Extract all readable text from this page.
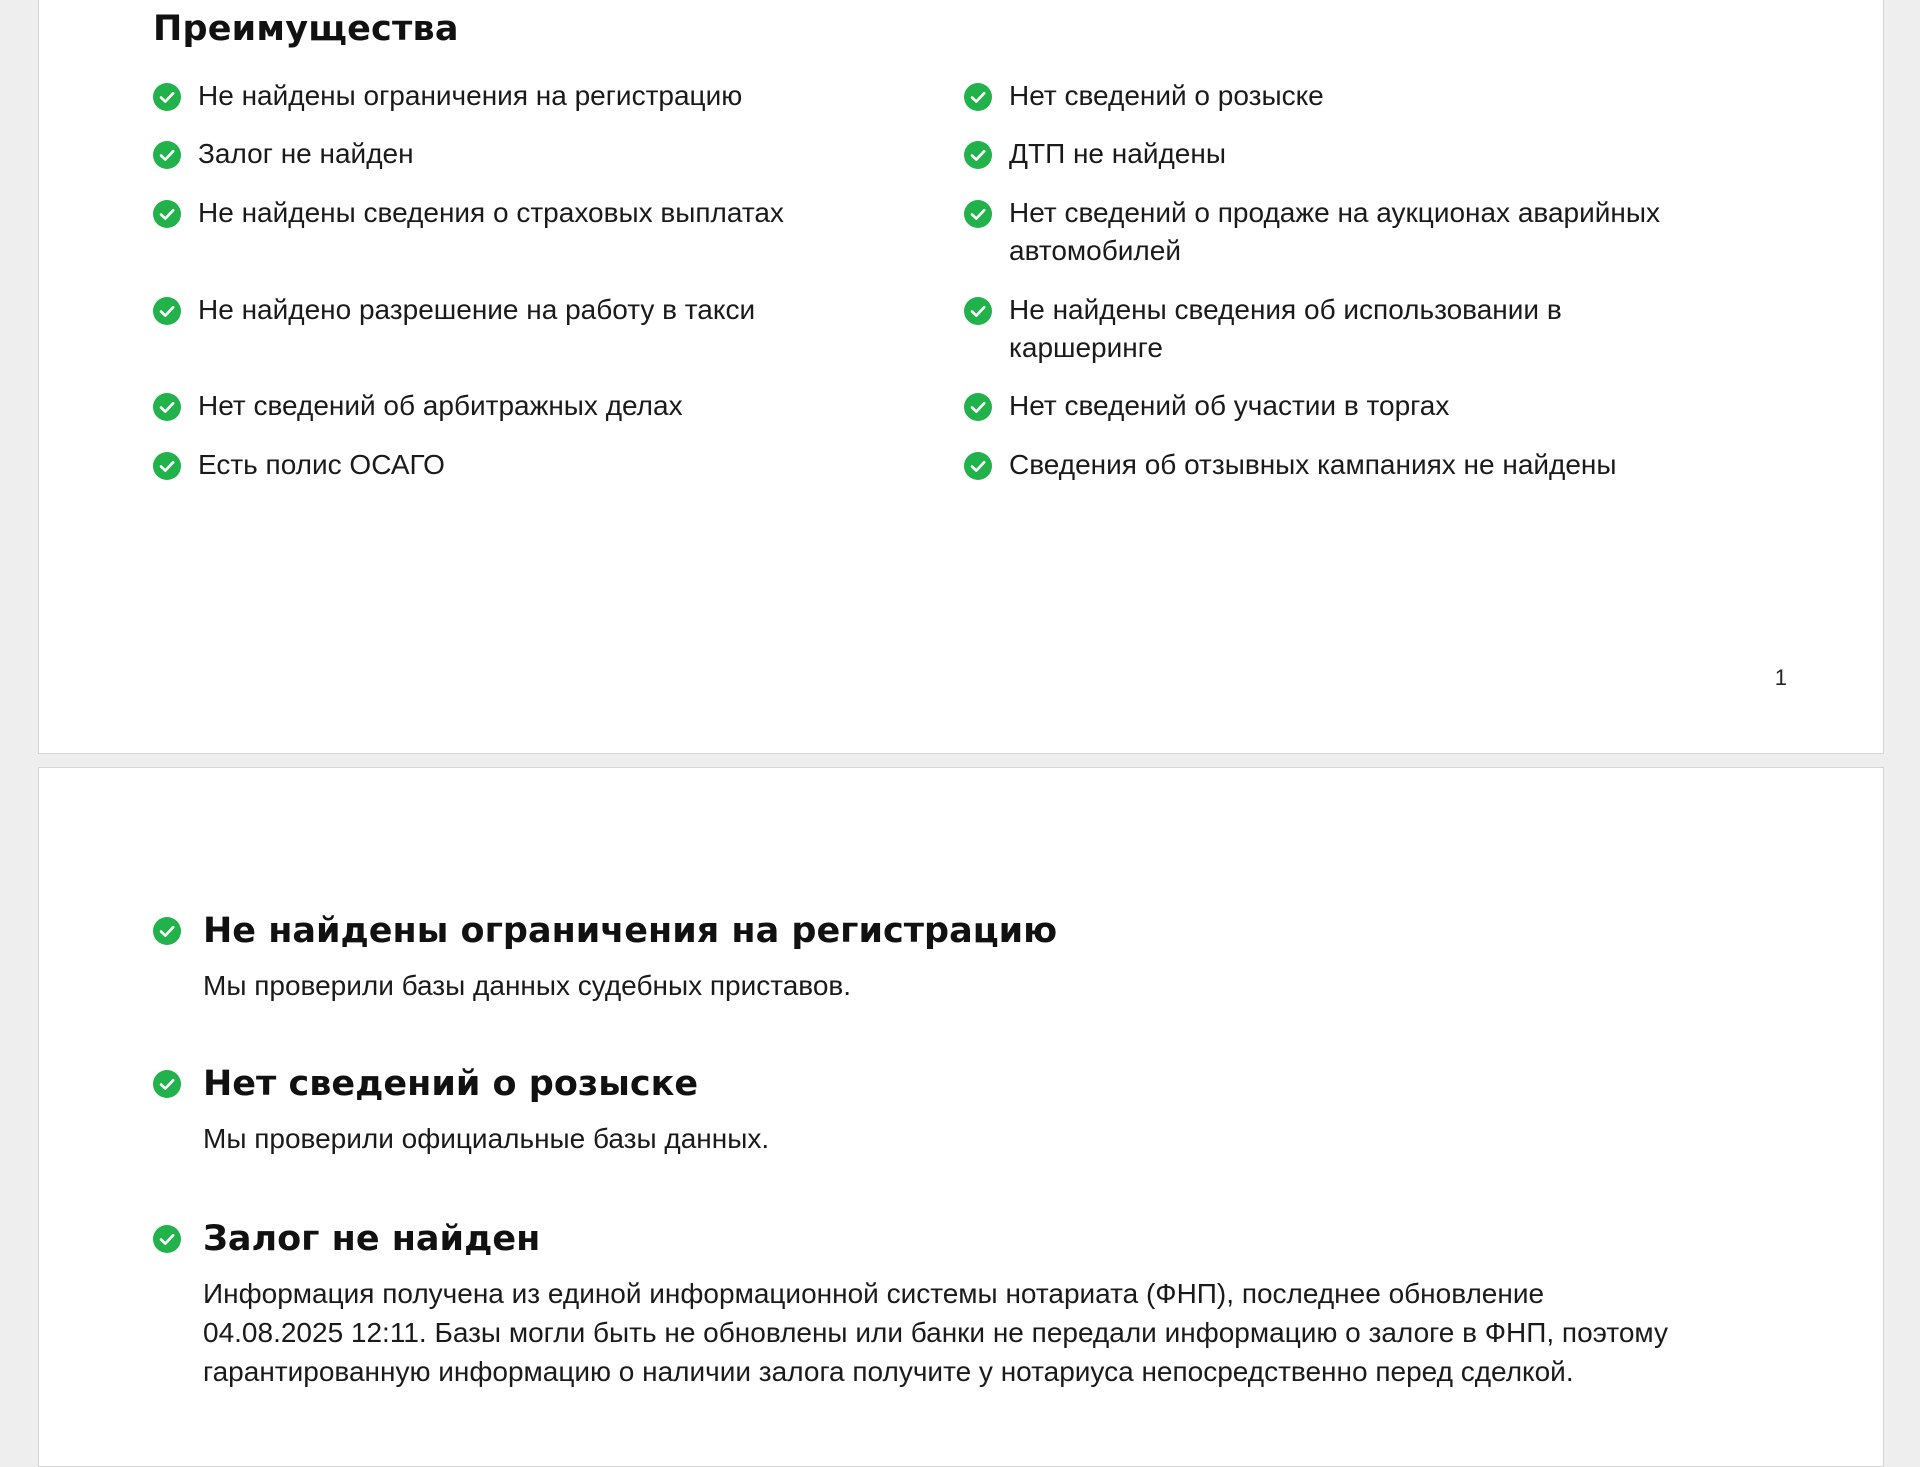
Преимущества
Не найдены ограничения на регистрацию
Залог не найден
Не найдены сведения о страховых выплатах
Не найдено разрешение на работу в такси
Нет сведений об арбитражных делах
Есть полис ОСАГО
Нет сведений о розыске
ДТП не найдены
Нет сведений о продаже на аукционах аварийных автомобилей
Не найдены сведения об использовании в каршеринге
Нет сведений об участии в торгах
Сведения об отзывных кампаниях не найдены
1
Не найдены ограничения на регистрацию

Мы проверили базы данных судебных приставов.

Нет сведений о розыске

Мы проверили официальные базы данных.

Залог не найден

Информация получена из единой информационной системы нотариата (ФНП), последнее обновление 04.08.2025 12:11. Базы могли быть не обновлены или банки не передали информацию о залоге в ФНП, поэтому гарантированную информацию о наличии залога получите у нотариуса непосредственно перед сделкой.
